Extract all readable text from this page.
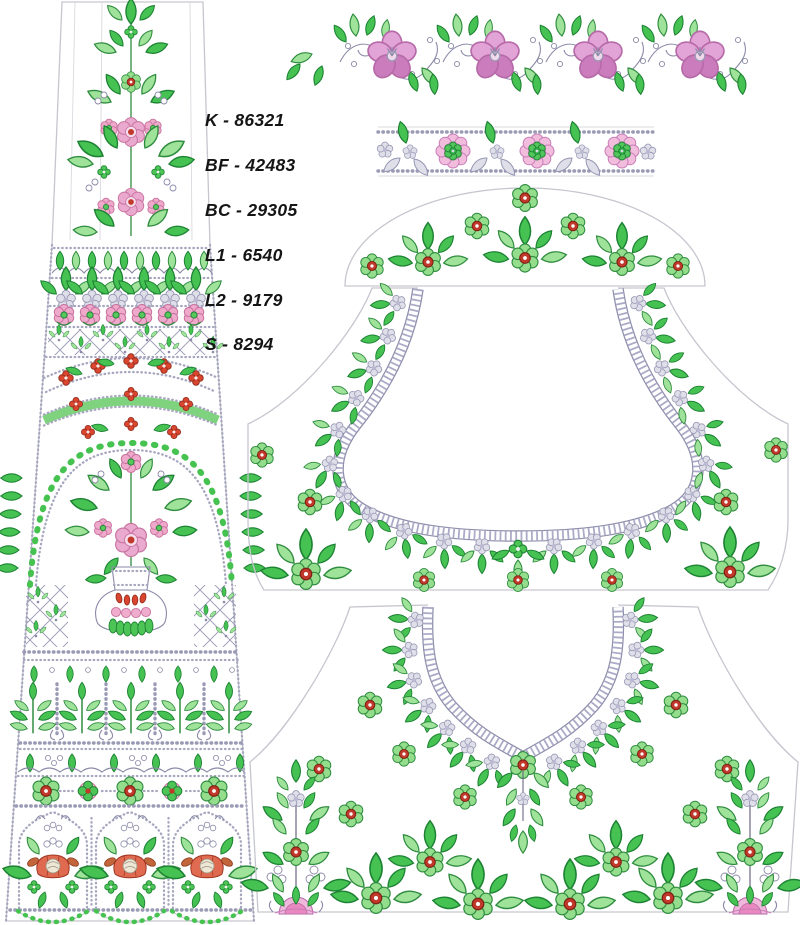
K - 86321
BF - 42483
BC - 29305
L1 - 6540
L2 - 9179
S - 8294
